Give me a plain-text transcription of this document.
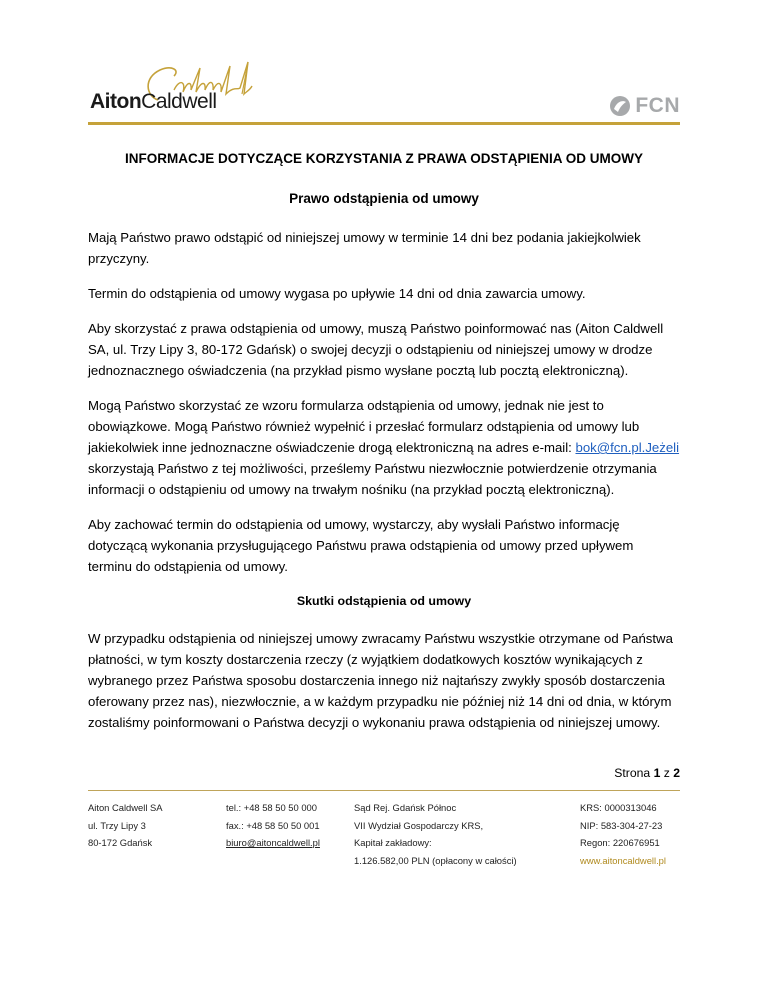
AitonCaldwell	FCN
INFORMACJE DOTYCZĄCE KORZYSTANIA Z PRAWA ODSTĄPIENIA OD UMOWY
Prawo odstąpienia od umowy

Mają Państwo prawo odstąpić od niniejszej umowy w terminie 14 dni bez podania jakiejkolwiek przyczyny.

Termin do odstąpienia od umowy wygasa po upływie 14 dni od dnia zawarcia umowy.

Aby skorzystać z prawa odstąpienia od umowy, muszą Państwo poinformować nas (Aiton Caldwell SA, ul. Trzy Lipy 3, 80-172 Gdańsk) o swojej decyzji o odstąpieniu od niniejszej umowy w drodze jednoznacznego oświadczenia (na przykład pismo wysłane pocztą lub pocztą elektroniczną).

Mogą Państwo skorzystać ze wzoru formularza odstąpienia od umowy, jednak nie jest to obowiązkowe. Mogą Państwo również wypełnić i przesłać formularz odstąpienia od umowy lub jakiekolwiek inne jednoznaczne oświadczenie drogą elektroniczną na adres e-mail: bok@fcn.pl.Jeżeli skorzystają Państwo z tej możliwości, prześlemy Państwu niezwłocznie potwierdzenie otrzymania informacji o odstąpieniu od umowy na trwałym nośniku (na przykład pocztą elektroniczną).

Aby zachować termin do odstąpienia od umowy, wystarczy, aby wysłali Państwo informację dotyczącą wykonania przysługującego Państwu prawa odstąpienia od umowy przed upływem terminu do odstąpienia od umowy.

Skutki odstąpienia od umowy

W przypadku odstąpienia od niniejszej umowy zwracamy Państwu wszystkie otrzymane od Państwa płatności, w tym koszty dostarczenia rzeczy (z wyjątkiem dodatkowych kosztów wynikających z wybranego przez Państwa sposobu dostarczenia innego niż najtańszy zwykły sposób dostarczenia oferowany przez nas), niezwłocznie, a w każdym przypadku nie później niż 14 dni od dnia, w którym zostaliśmy poinformowani o Państwa decyzji o wykonaniu prawa odstąpienia od niniejszej umowy.

Strona 1 z 2
Aiton Caldwell SA
ul. Trzy Lipy 3
80-172 Gdańsk
tel.: +48 58 50 50 000
fax.: +48 58 50 50 001
biuro@aitoncaldwell.pl
Sąd Rej. Gdańsk Północ
VII Wydział Gospodarczy KRS,
Kapitał zakładowy:
1.126.582,00 PLN (opłacony w całości)
KRS: 0000313046
NIP: 583-304-27-23
Regon: 220676951
www.aitoncaldwell.pl
